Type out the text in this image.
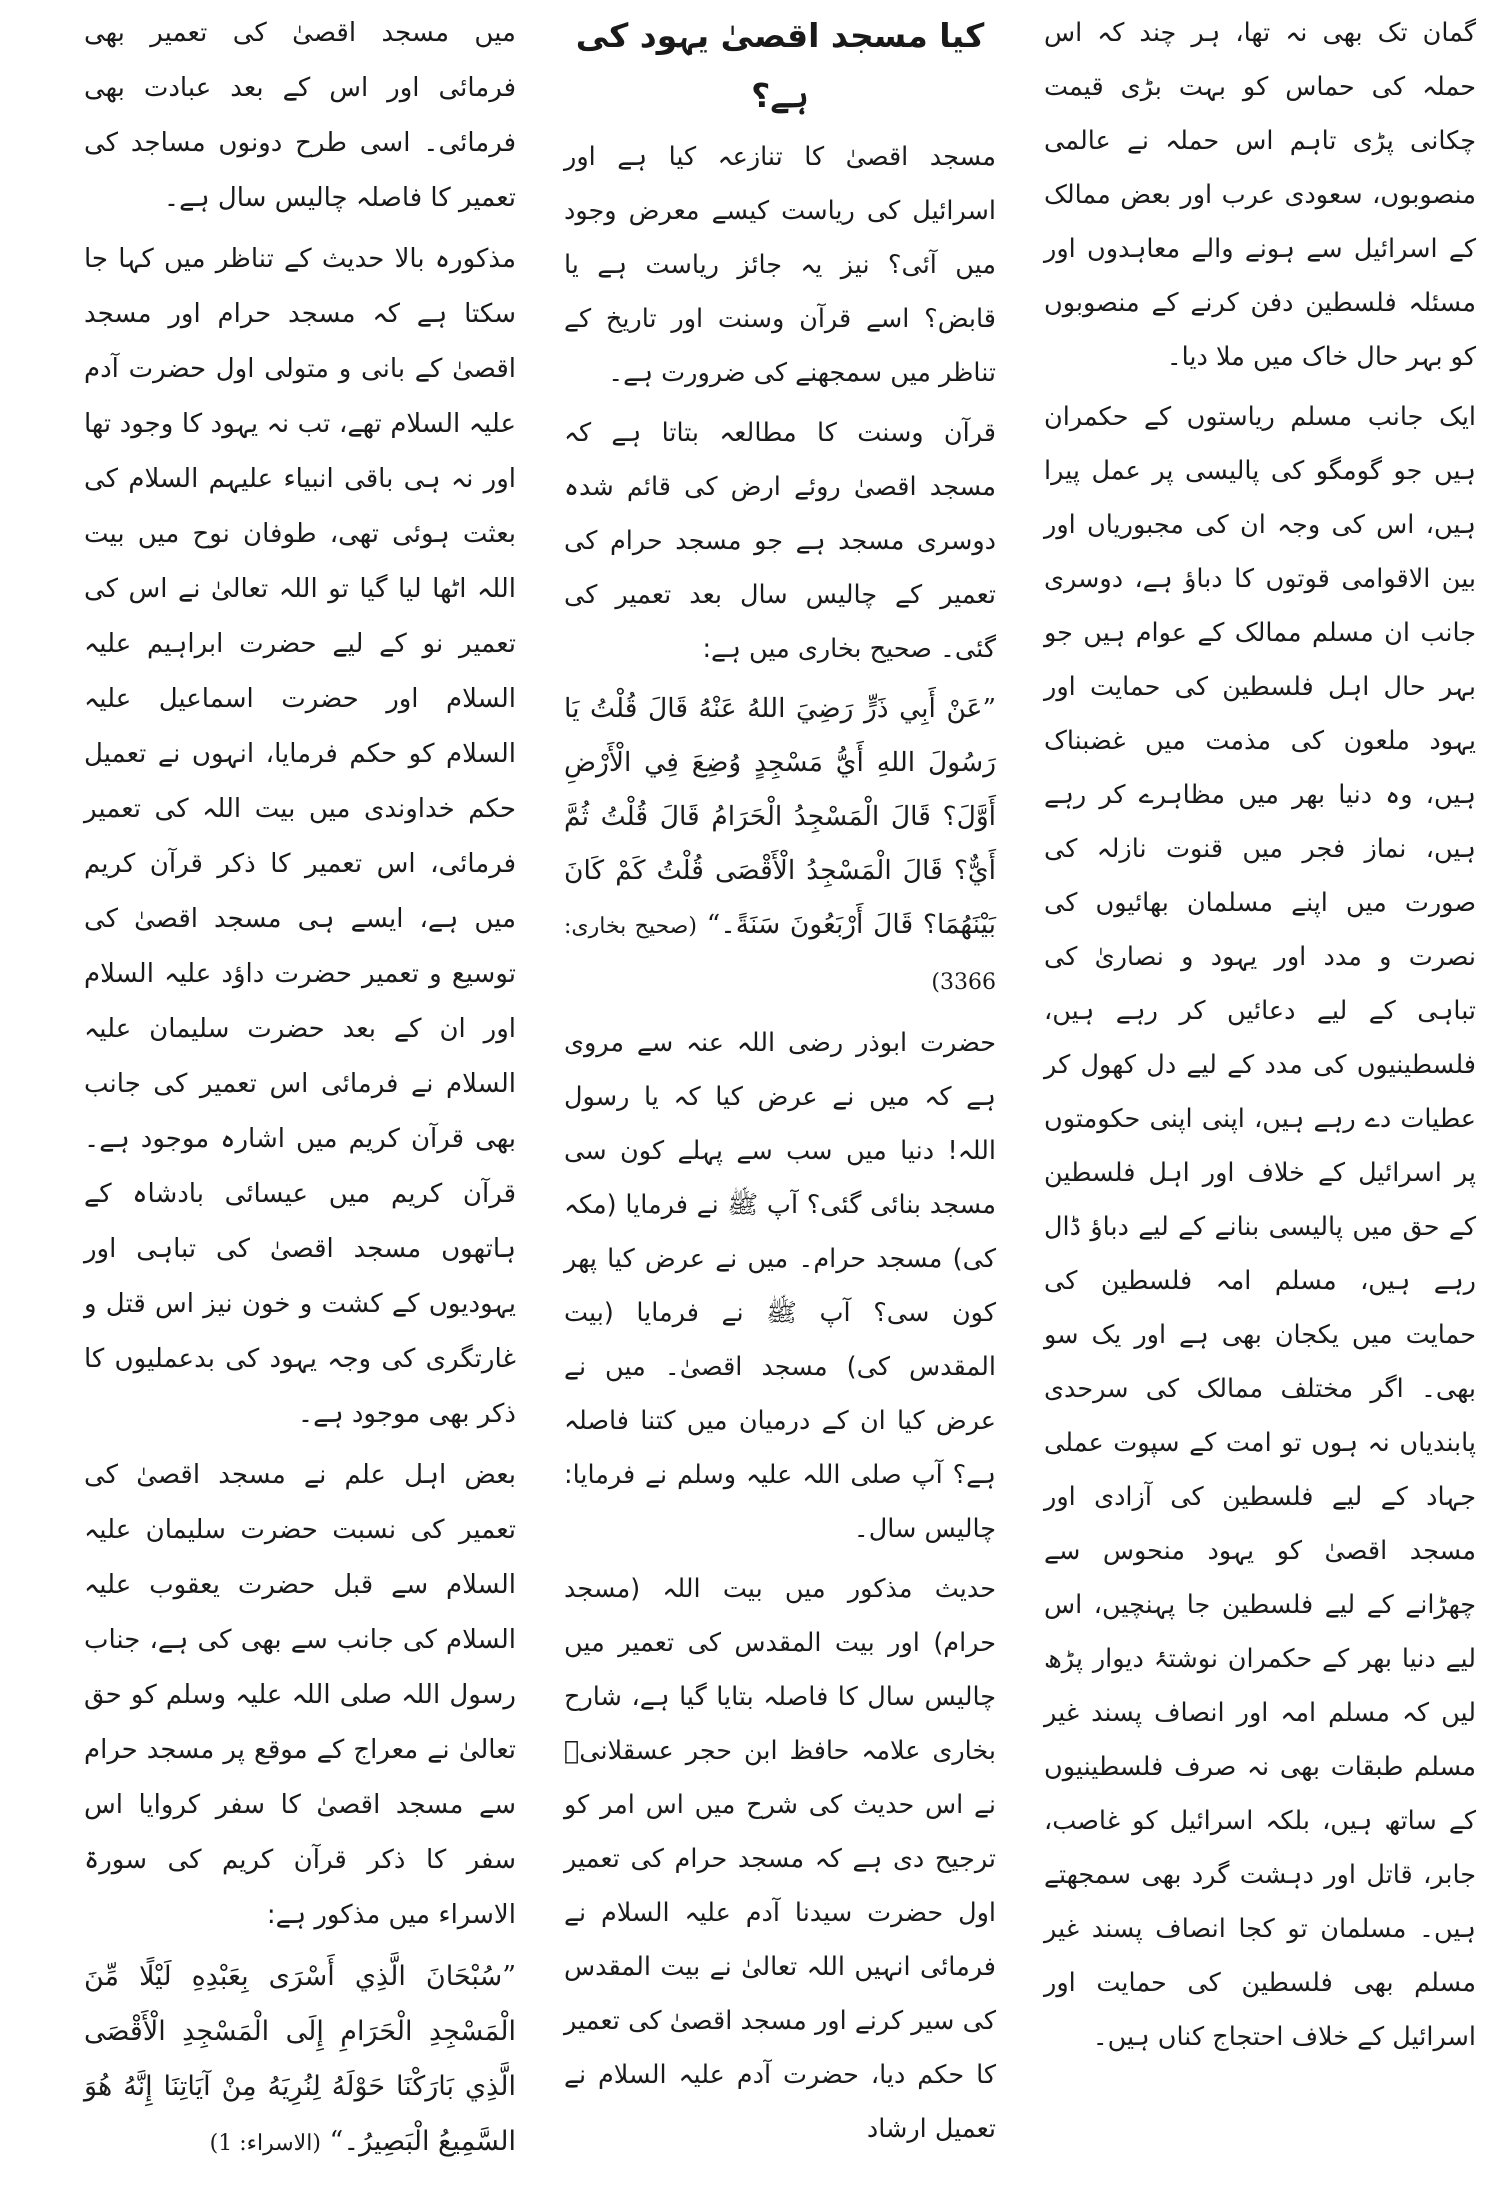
گمان تک بھی نہ تھا، ہر چند کہ اس حملہ کی حماس کو بہت بڑی قیمت چکانی پڑی تاہم اس حملہ نے عالمی منصوبوں، سعودی عرب اور بعض ممالک کے اسرائیل سے ہونے والے معاہدوں اور مسئلہ فلسطین دفن کرنے کے منصوبوں کو بہر حال خاک میں ملا دیا۔

ایک جانب مسلم ریاستوں کے حکمران ہیں جو گومگو کی پالیسی پر عمل پیرا ہیں، اس کی وجہ ان کی مجبوریاں اور بین الاقوامی قوتوں کا دباؤ ہے، دوسری جانب ان مسلم ممالک کے عوام ہیں جو بہر حال اہل فلسطین کی حمایت اور یہود ملعون کی مذمت میں غضبناک ہیں، وہ دنیا بھر میں مظاہرے کر رہے ہیں، نماز فجر میں قنوت نازلہ کی صورت میں اپنے مسلمان بھائیوں کی نصرت و مدد اور یہود و نصاریٰ کی تباہی کے لیے دعائیں کر رہے ہیں، فلسطینیوں کی مدد کے لیے دل کھول کر عطیات دے رہے ہیں، اپنی اپنی حکومتوں پر اسرائیل کے خلاف اور اہل فلسطین کے حق میں پالیسی بنانے کے لیے دباؤ ڈال رہے ہیں، مسلم امہ فلسطین کی حمایت میں یکجان بھی ہے اور یک سو بھی۔ اگر مختلف ممالک کی سرحدی پابندیاں نہ ہوں تو امت کے سپوت عملی جہاد کے لیے فلسطین کی آزادی اور مسجد اقصیٰ کو یہود منحوس سے چھڑانے کے لیے فلسطین جا پہنچیں، اس لیے دنیا بھر کے حکمران نوشتۂ دیوار پڑھ لیں کہ مسلم امہ اور انصاف پسند غیر مسلم طبقات بھی نہ صرف فلسطینیوں کے ساتھ ہیں، بلکہ اسرائیل کو غاصب، جابر، قاتل اور دہشت گرد بھی سمجھتے ہیں۔ مسلمان تو کجا انصاف پسند غیر مسلم بھی فلسطین کی حمایت اور اسرائیل کے خلاف احتجاج کناں ہیں۔

کیا مسجد اقصیٰ یہود کی ہے؟

مسجد اقصیٰ کا تنازعہ کیا ہے اور اسرائیل کی ریاست کیسے معرض وجود میں آئی؟ نیز یہ جائز ریاست ہے یا قابض؟ اسے قرآن وسنت اور تاریخ کے تناظر میں سمجھنے کی ضرورت ہے۔

قرآن وسنت کا مطالعہ بتاتا ہے کہ مسجد اقصیٰ روئے ارض کی قائم شدہ دوسری مسجد ہے جو مسجد حرام کی تعمیر کے چالیس سال بعد تعمیر کی گئی۔ صحیح بخاری میں ہے:

”عَنْ أَبِي ذَرٍّ رَضِيَ اللهُ عَنْهُ قَالَ قُلْتُ يَا رَسُولَ اللهِ أَيُّ مَسْجِدٍ وُضِعَ فِي الْأَرْضِ أَوَّلَ؟ قَالَ الْمَسْجِدُ الْحَرَامُ قَالَ قُلْتُ ثُمَّ أَيٌّ؟ قَالَ الْمَسْجِدُ الْأَقْصَى قُلْتُ كَمْ كَانَ بَيْنَهُمَا؟ قَالَ أَرْبَعُونَ سَنَةً۔“ (صحیح بخاری: 3366)

حضرت ابوذر رضی اللہ عنہ سے مروی ہے کہ میں نے عرض کیا کہ یا رسول اللہ! دنیا میں سب سے پہلے کون سی مسجد بنائی گئی؟ آپ ﷺ نے فرمایا (مکہ کی) مسجد حرام۔ میں نے عرض کیا پھر کون سی؟ آپ ﷺ نے فرمایا (بیت المقدس کی) مسجد اقصیٰ۔ میں نے عرض کیا ان کے درمیان میں کتنا فاصلہ ہے؟ آپ صلی اللہ علیہ وسلم نے فرمایا: چالیس سال۔

حدیث مذکور میں بیت اللہ (مسجد حرام) اور بیت المقدس کی تعمیر میں چالیس سال کا فاصلہ بتایا گیا ہے، شارح بخاری علامہ حافظ ابن حجر عسقلانیؒ نے اس حدیث کی شرح میں اس امر کو ترجیح دی ہے کہ مسجد حرام کی تعمیر اول حضرت سیدنا آدم علیہ السلام نے فرمائی انہیں اللہ تعالیٰ نے بیت المقدس کی سیر کرنے اور مسجد اقصیٰ کی تعمیر کا حکم دیا، حضرت آدم علیہ السلام نے تعمیل ارشاد

میں مسجد اقصیٰ کی تعمیر بھی فرمائی اور اس کے بعد عبادت بھی فرمائی۔ اسی طرح دونوں مساجد کی تعمیر کا فاصلہ چالیس سال ہے۔

مذکورہ بالا حدیث کے تناظر میں کہا جا سکتا ہے کہ مسجد حرام اور مسجد اقصیٰ کے بانی و متولی اول حضرت آدم علیہ السلام تھے، تب نہ یہود کا وجود تھا اور نہ ہی باقی انبیاء علیہم السلام کی بعثت ہوئی تھی، طوفان نوح میں بیت اللہ اٹھا لیا گیا تو اللہ تعالیٰ نے اس کی تعمیر نو کے لیے حضرت ابراہیم علیہ السلام اور حضرت اسماعیل علیہ السلام کو حکم فرمایا، انہوں نے تعمیل حکم خداوندی میں بیت اللہ کی تعمیر فرمائی، اس تعمیر کا ذکر قرآن کریم میں ہے، ایسے ہی مسجد اقصیٰ کی توسیع و تعمیر حضرت داؤد علیہ السلام اور ان کے بعد حضرت سلیمان علیہ السلام نے فرمائی اس تعمیر کی جانب بھی قرآن کریم میں اشارہ موجود ہے۔ قرآن کریم میں عیسائی بادشاہ کے ہاتھوں مسجد اقصیٰ کی تباہی اور یہودیوں کے کشت و خون نیز اس قتل و غارتگری کی وجہ یہود کی بدعملیوں کا ذکر بھی موجود ہے۔

بعض اہل علم نے مسجد اقصیٰ کی تعمیر کی نسبت حضرت سلیمان علیہ السلام سے قبل حضرت یعقوب علیہ السلام کی جانب سے بھی کی ہے، جناب رسول اللہ صلی اللہ علیہ وسلم کو حق تعالیٰ نے معراج کے موقع پر مسجد حرام سے مسجد اقصیٰ کا سفر کروایا اس سفر کا ذکر قرآن کریم کی سورۃ الاسراء میں مذکور ہے:

”سُبْحَانَ الَّذِي أَسْرَى بِعَبْدِهِ لَيْلًا مِّنَ الْمَسْجِدِ الْحَرَامِ إِلَى الْمَسْجِدِ الْأَقْصَى الَّذِي بَارَكْنَا حَوْلَهُ لِنُرِيَهُ مِنْ آيَاتِنَا إِنَّهُ هُوَ السَّمِيعُ الْبَصِيرُ۔“ (الاسراء: 1)
